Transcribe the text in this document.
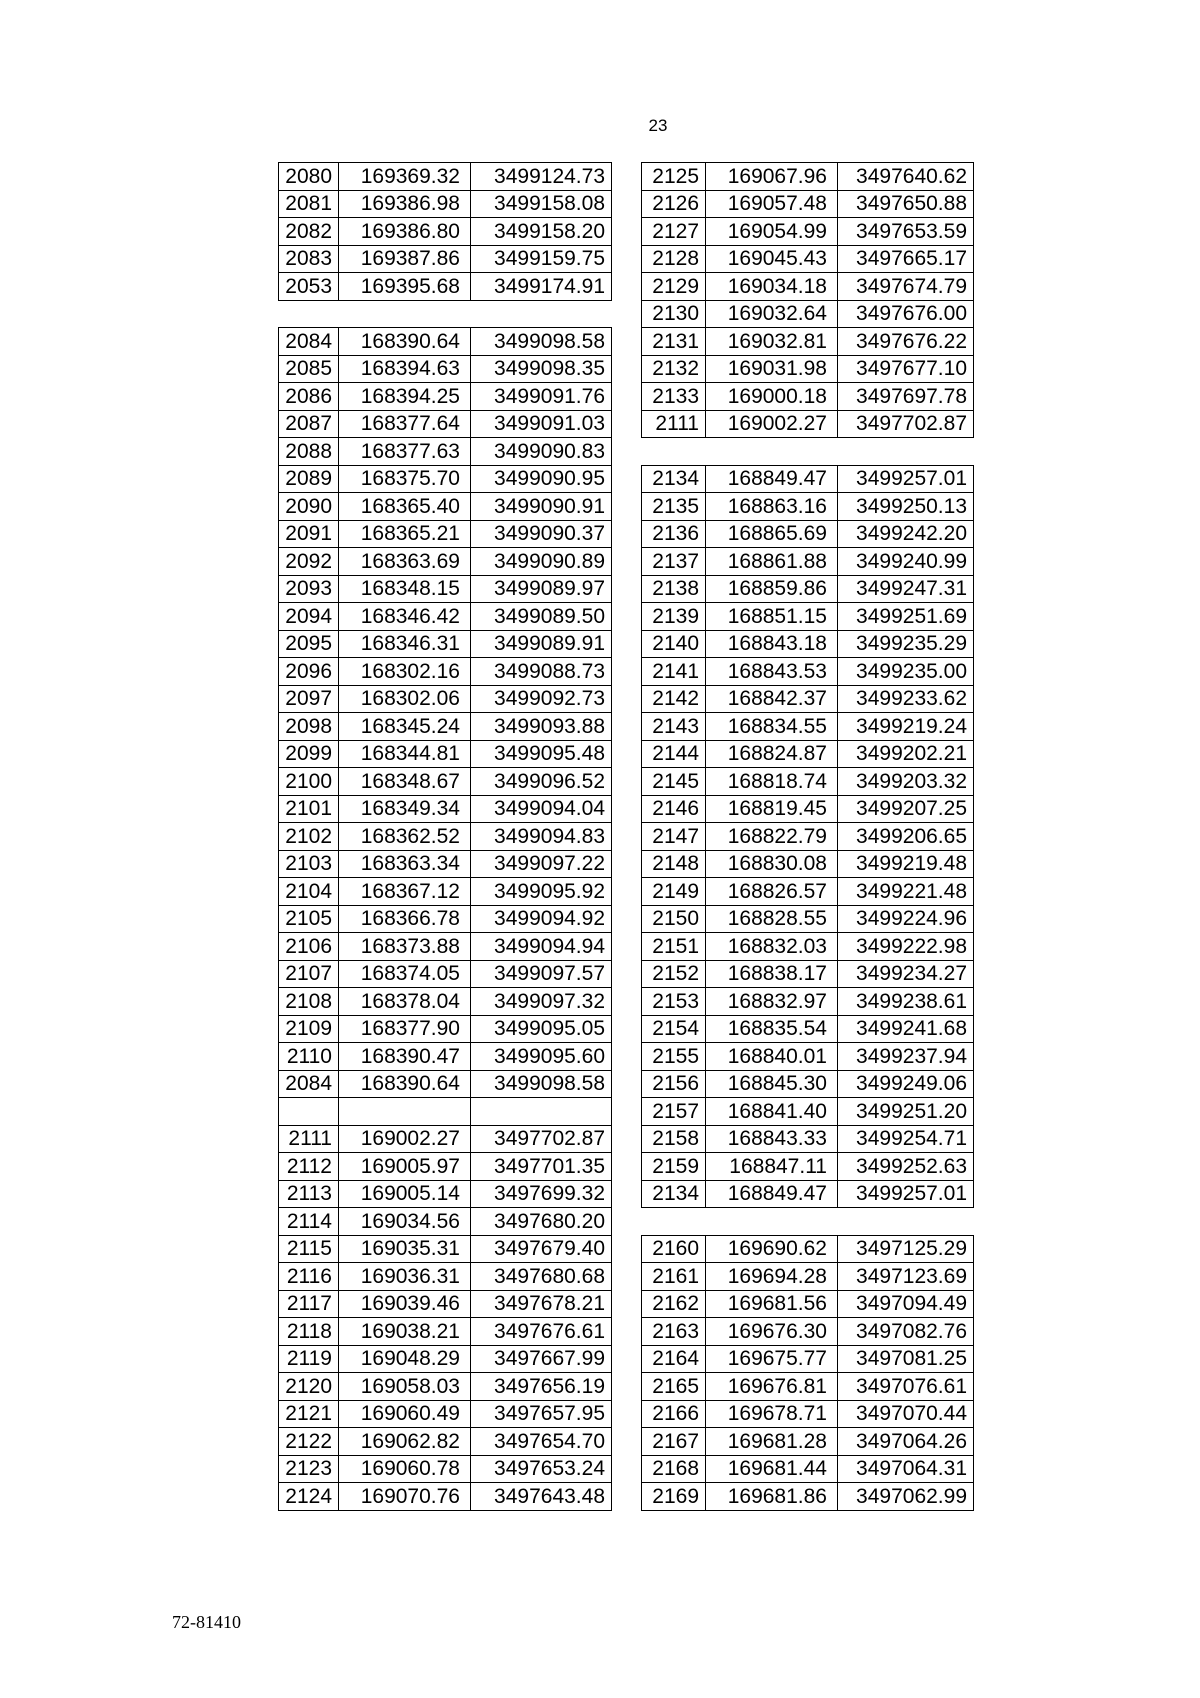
23
2080	169369.32	3499124.73
2081	169386.98	3499158.08
2082	169386.80	3499158.20
2083	169387.86	3499159.75
2053	169395.68	3499174.91

2084	168390.64	3499098.58
2085	168394.63	3499098.35
2086	168394.25	3499091.76
2087	168377.64	3499091.03
2088	168377.63	3499090.83
2089	168375.70	3499090.95
2090	168365.40	3499090.91
2091	168365.21	3499090.37
2092	168363.69	3499090.89
2093	168348.15	3499089.97
2094	168346.42	3499089.50
2095	168346.31	3499089.91
2096	168302.16	3499088.73
2097	168302.06	3499092.73
2098	168345.24	3499093.88
2099	168344.81	3499095.48
2100	168348.67	3499096.52
2101	168349.34	3499094.04
2102	168362.52	3499094.83
2103	168363.34	3499097.22
2104	168367.12	3499095.92
2105	168366.78	3499094.92
2106	168373.88	3499094.94
2107	168374.05	3499097.57
2108	168378.04	3499097.32
2109	168377.90	3499095.05
2110	168390.47	3499095.60
2084	168390.64	3499098.58

2111	169002.27	3497702.87
2112	169005.97	3497701.35
2113	169005.14	3497699.32
2114	169034.56	3497680.20
2115	169035.31	3497679.40
2116	169036.31	3497680.68
2117	169039.46	3497678.21
2118	169038.21	3497676.61
2119	169048.29	3497667.99
2120	169058.03	3497656.19
2121	169060.49	3497657.95
2122	169062.82	3497654.70
2123	169060.78	3497653.24
2124	169070.76	3497643.48
2125	169067.96	3497640.62
2126	169057.48	3497650.88
2127	169054.99	3497653.59
2128	169045.43	3497665.17
2129	169034.18	3497674.79
2130	169032.64	3497676.00
2131	169032.81	3497676.22
2132	169031.98	3497677.10
2133	169000.18	3497697.78
2111	169002.27	3497702.87

2134	168849.47	3499257.01
2135	168863.16	3499250.13
2136	168865.69	3499242.20
2137	168861.88	3499240.99
2138	168859.86	3499247.31
2139	168851.15	3499251.69
2140	168843.18	3499235.29
2141	168843.53	3499235.00
2142	168842.37	3499233.62
2143	168834.55	3499219.24
2144	168824.87	3499202.21
2145	168818.74	3499203.32
2146	168819.45	3499207.25
2147	168822.79	3499206.65
2148	168830.08	3499219.48
2149	168826.57	3499221.48
2150	168828.55	3499224.96
2151	168832.03	3499222.98
2152	168838.17	3499234.27
2153	168832.97	3499238.61
2154	168835.54	3499241.68
2155	168840.01	3499237.94
2156	168845.30	3499249.06
2157	168841.40	3499251.20
2158	168843.33	3499254.71
2159	168847.11	3499252.63
2134	168849.47	3499257.01

2160	169690.62	3497125.29
2161	169694.28	3497123.69
2162	169681.56	3497094.49
2163	169676.30	3497082.76
2164	169675.77	3497081.25
2165	169676.81	3497076.61
2166	169678.71	3497070.44
2167	169681.28	3497064.26
2168	169681.44	3497064.31
2169	169681.86	3497062.99
72-81410
